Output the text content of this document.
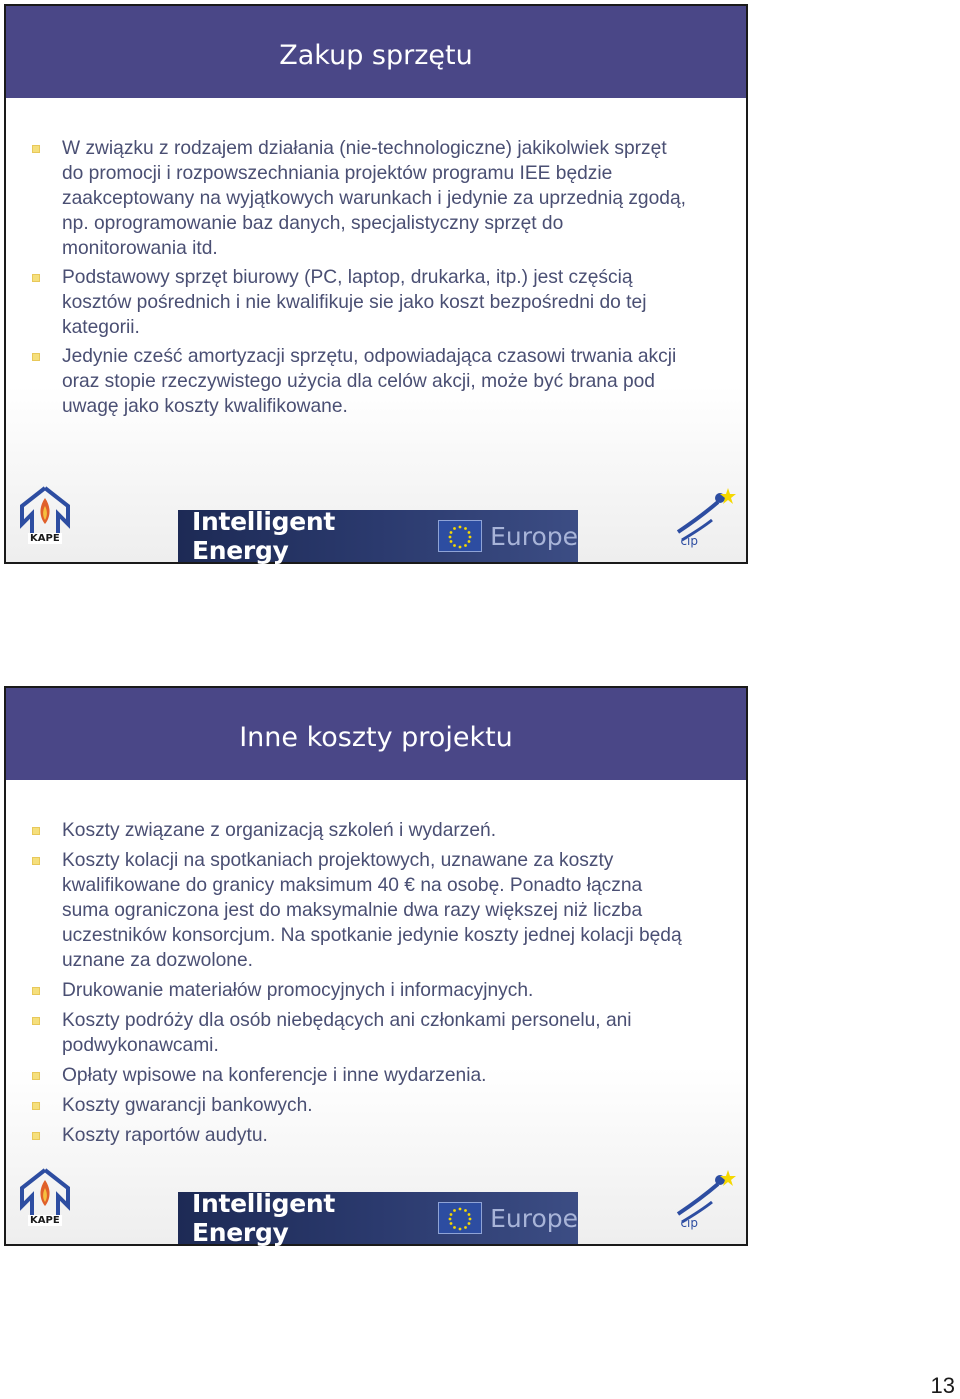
Zakup sprzętu
W związku z rodzajem działania (nie-technologiczne) jakikolwiek sprzęt do promocji i rozpowszechniania projektów programu IEE będzie zaakceptowany na wyjątkowych warunkach i jedynie za uprzednią zgodą, np. oprogramowanie baz danych, specjalistyczny sprzęt do monitorowania itd.
Podstawowy sprzęt biurowy (PC, laptop, drukarka, itp.) jest częścią kosztów pośrednich i nie kwalifikuje sie jako koszt bezpośredni do tej kategorii.
Jedynie cześć amortyzacji sprzętu, odpowiadająca czasowi trwania akcji oraz stopie rzeczywistego użycia dla celów akcji, może być brana pod uwagę jako koszty kwalifikowane.
KAPE
Intelligent Energy	Europe	cip
Inne koszty projektu
Koszty związane z organizacją szkoleń i wydarzeń.
Koszty kolacji na spotkaniach projektowych, uznawane za koszty kwalifikowane do granicy maksimum 40 € na osobę. Ponadto łączna suma ograniczona jest do maksymalnie dwa razy większej niż liczba uczestników konsorcjum. Na spotkanie jedynie koszty jednej kolacji będą uznane za dozwolone.
Drukowanie materiałów promocyjnych i informacyjnych.
Koszty podróży dla osób niebędących ani członkami personelu, ani podwykonawcami.
Opłaty wpisowe na konferencje i inne wydarzenia.
Koszty gwarancji bankowych.
Koszty raportów audytu.
KAPE
Intelligent Energy	Europe	cip
13
